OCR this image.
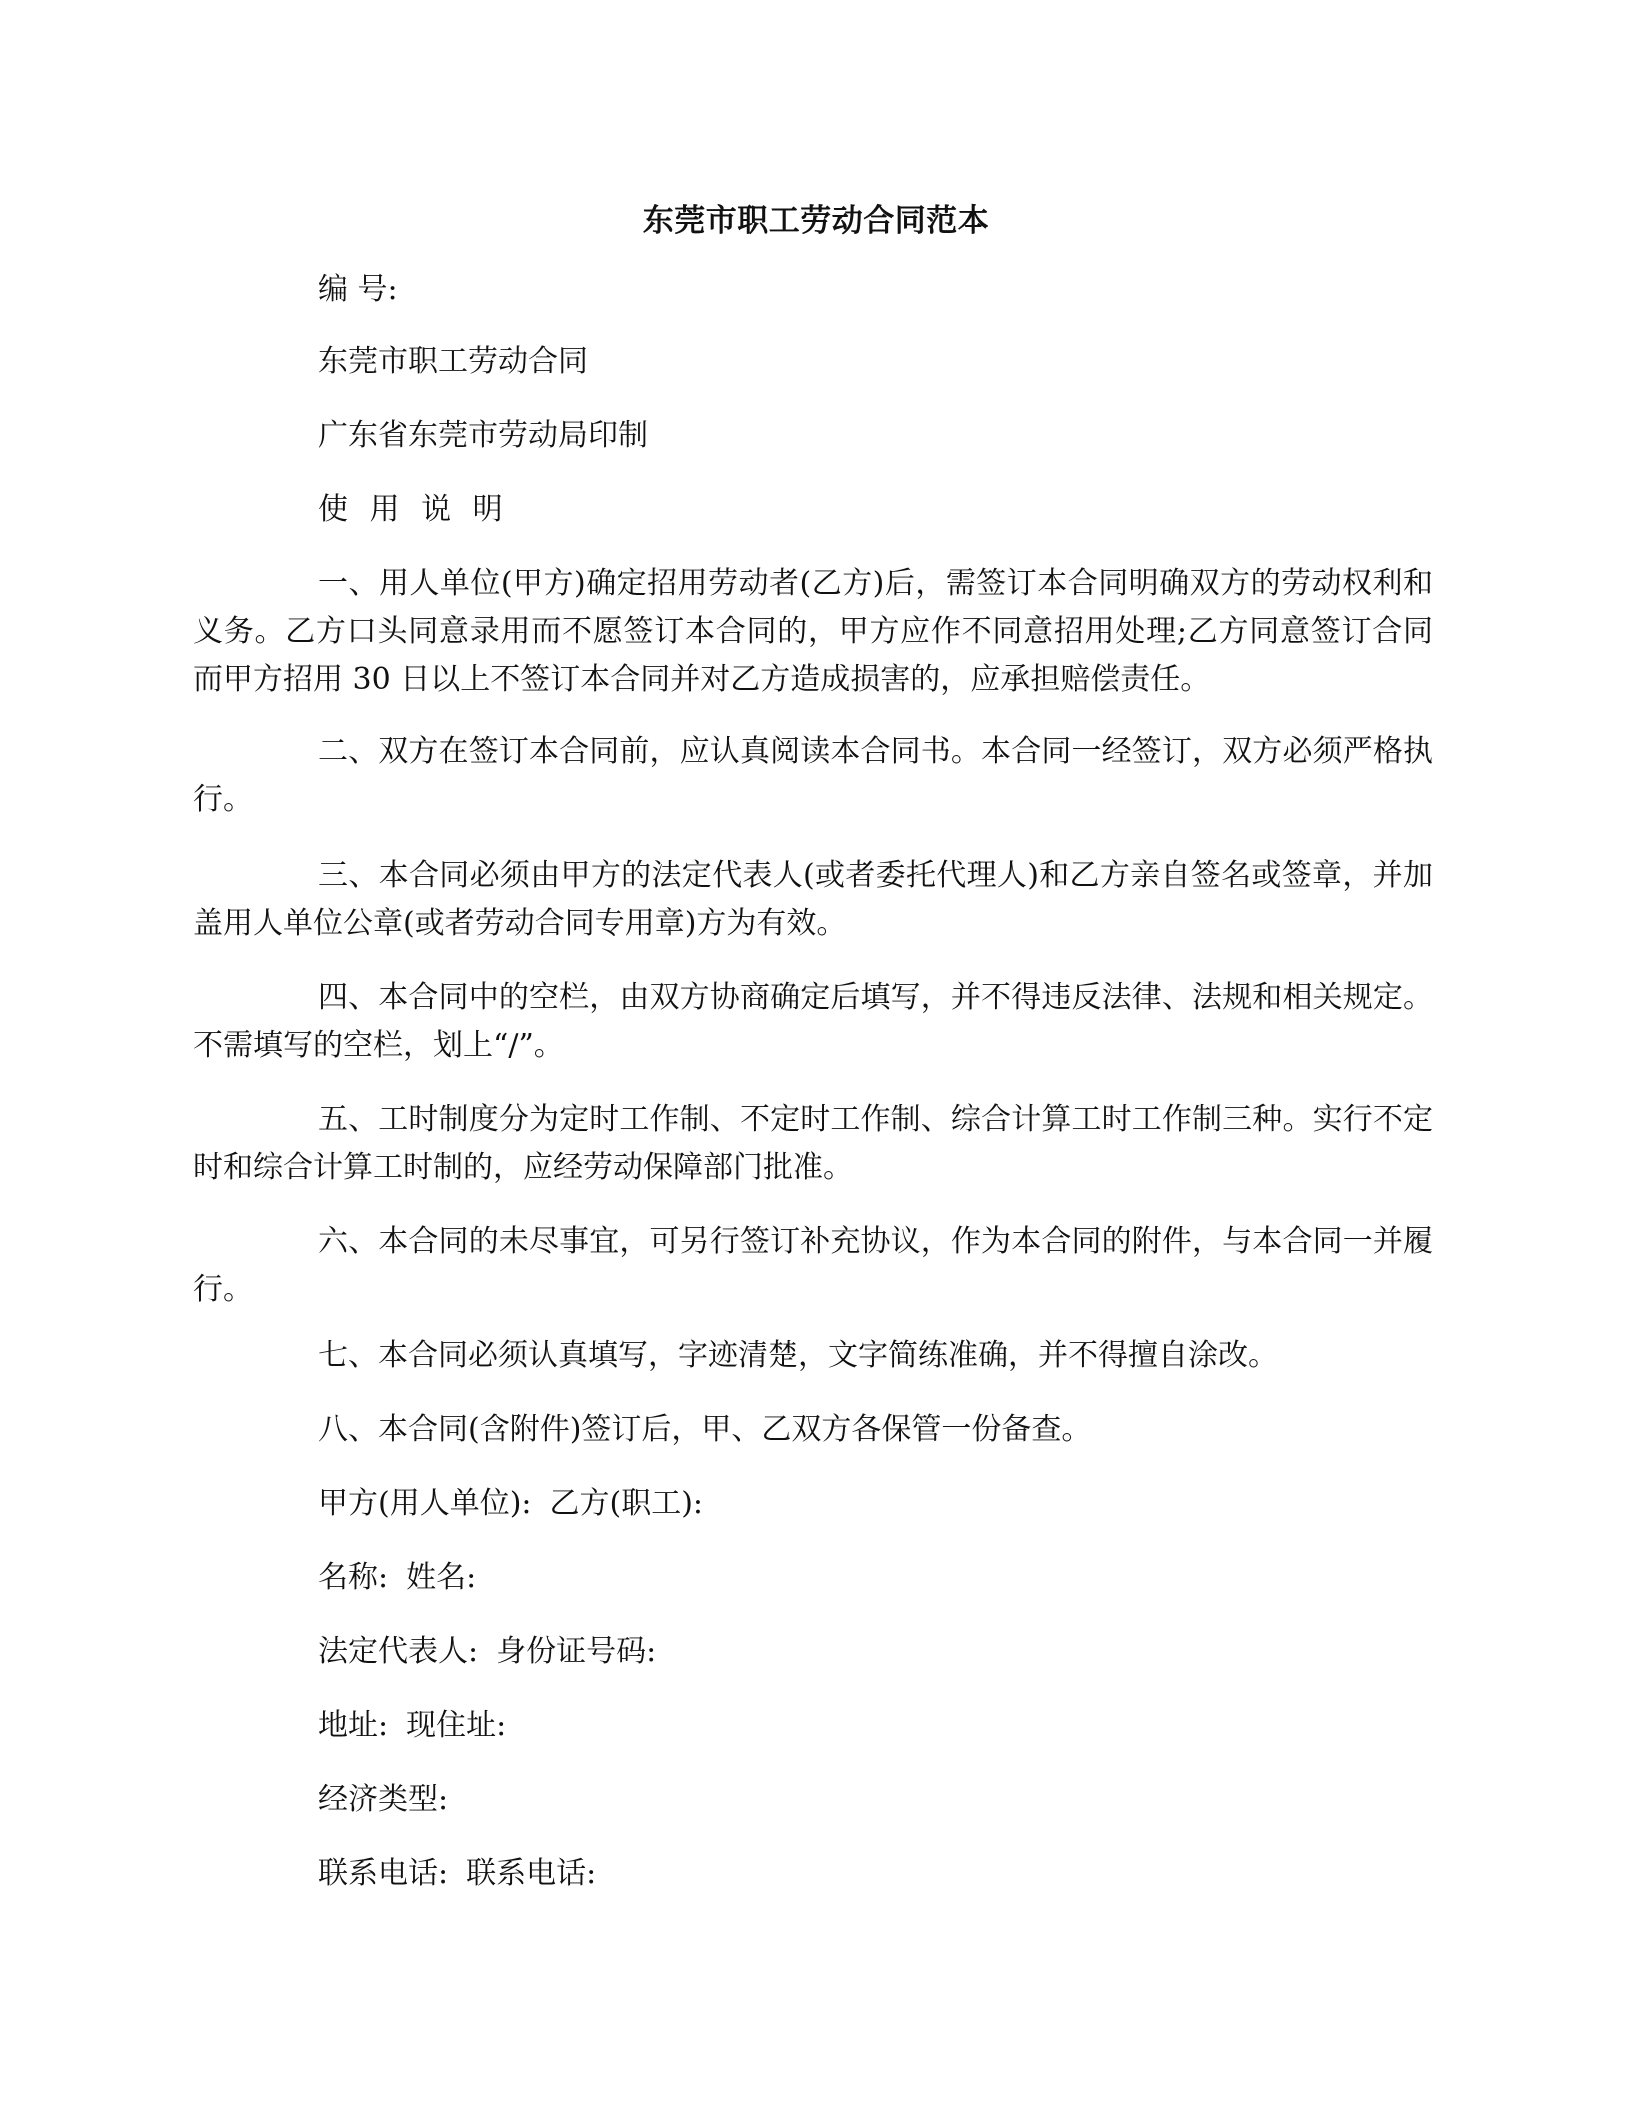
东莞市职工劳动合同范本

编 号:

东莞市职工劳动合同

广东省东莞市劳动局印制

使 用 说 明

一、用人单位(甲方)确定招用劳动者(乙方)后，需签订本合同明确双方的劳动权利和义务。乙方口头同意录用而不愿签订本合同的，甲方应作不同意招用处理;乙方同意签订合同而甲方招用 30 日以上不签订本合同并对乙方造成损害的，应承担赔偿责任。

二、双方在签订本合同前，应认真阅读本合同书。本合同一经签订，双方必须严格执行。

三、本合同必须由甲方的法定代表人(或者委托代理人)和乙方亲自签名或签章，并加盖用人单位公章(或者劳动合同专用章)方为有效。

四、本合同中的空栏，由双方协商确定后填写，并不得违反法律、法规和相关规定。不需填写的空栏，划上“/”。

五、工时制度分为定时工作制、不定时工作制、综合计算工时工作制三种。实行不定时和综合计算工时制的，应经劳动保障部门批准。

六、本合同的未尽事宜，可另行签订补充协议，作为本合同的附件，与本合同一并履行。

七、本合同必须认真填写，字迹清楚，文字简练准确，并不得擅自涂改。

八、本合同(含附件)签订后，甲、乙双方各保管一份备查。

甲方(用人单位): 乙方(职工):

名称: 姓名:

法定代表人: 身份证号码:

地址: 现住址:

经济类型:

联系电话: 联系电话:
